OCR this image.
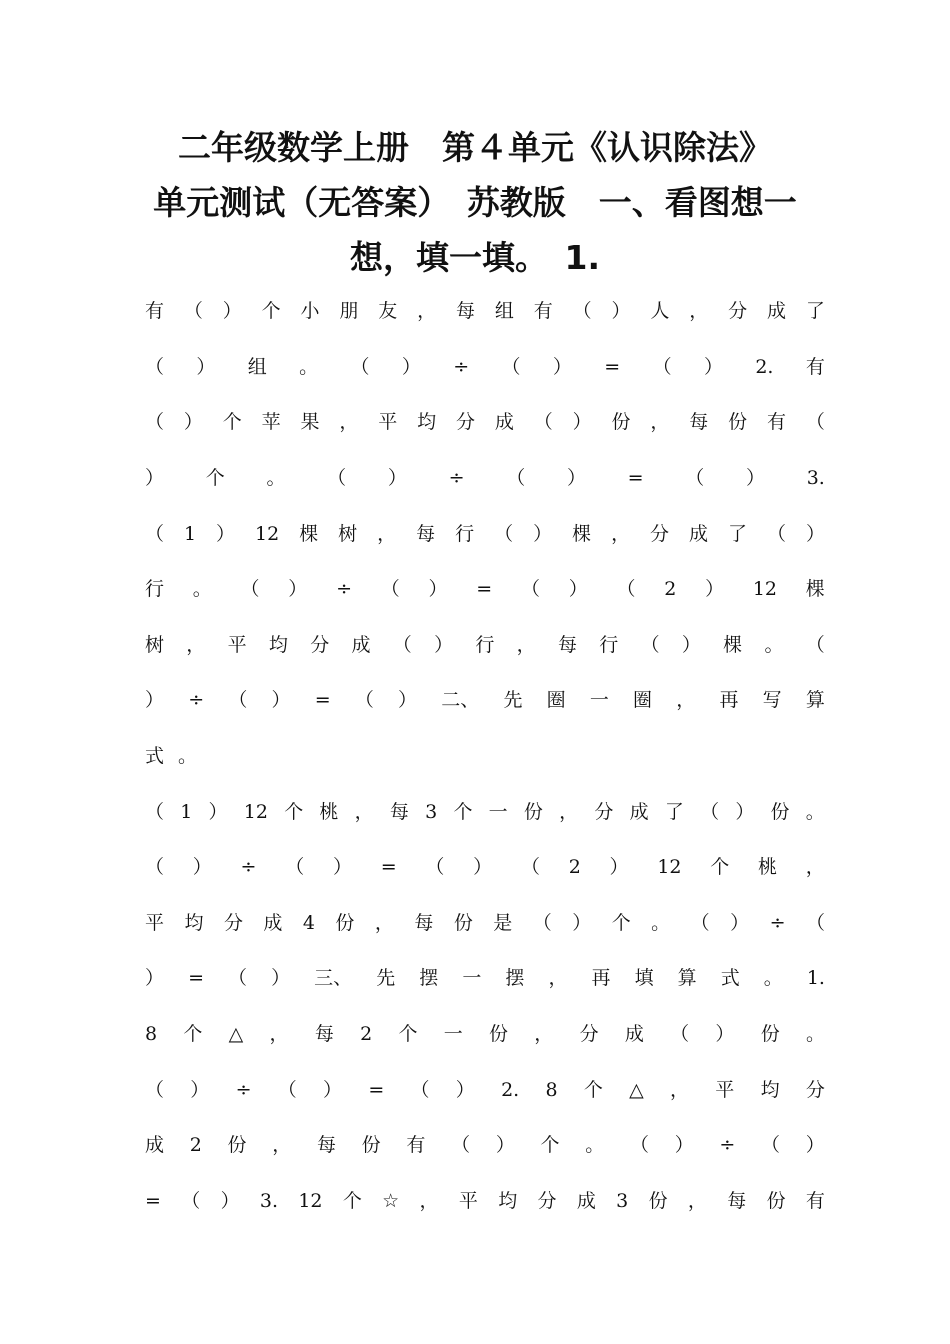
二年级数学上册　第４单元《认识除法》
单元测试（无答案）　苏教版　一、看图想一
想，填一填。　1.
有 （ ） 个 小 朋 友 ， 每 组 有 （ ） 人 ， 分 成 了
（ ） 组 。 （ ） ÷ （ ） = （ ） 2. 有
（ ） 个 苹 果 ， 平 均 分 成 （ ） 份 ， 每 份 有 （
） 个 。 （ ） ÷ （ ） = （ ） 3.
（ 1 ） 12 棵 树 ， 每 行 （ ） 棵 ， 分 成 了 （ ）
行 。 （ ） ÷ （ ） = （ ） （ 2 ） 12 棵
树 ， 平 均 分 成 （ ） 行 ， 每 行 （ ） 棵 。 （
） ÷ （ ） = （ ） 二、 先 圈 一 圈 ， 再 写 算
式 。
（ 1 ） 12 个 桃 ， 每 3 个 一 份 ， 分 成 了 （ ） 份 。
（ ） ÷ （ ） = （ ） （ 2 ） 12 个 桃 ，
平 均 分 成 4 份 ， 每 份 是 （ ） 个 。 （ ） ÷ （
） = （ ） 三、 先 摆 一 摆 ， 再 填 算 式 。 1.
8 个 △ ， 每 2 个 一 份 ， 分 成 （ ） 份 。
（ ） ÷ （ ） = （ ） 2. 8 个 △ ， 平 均 分
成 2 份 ， 每 份 有 （ ） 个 。 （ ） ÷ （ ）
= （ ） 3. 12 个 ☆ ， 平 均 分 成 3 份 ， 每 份 有
